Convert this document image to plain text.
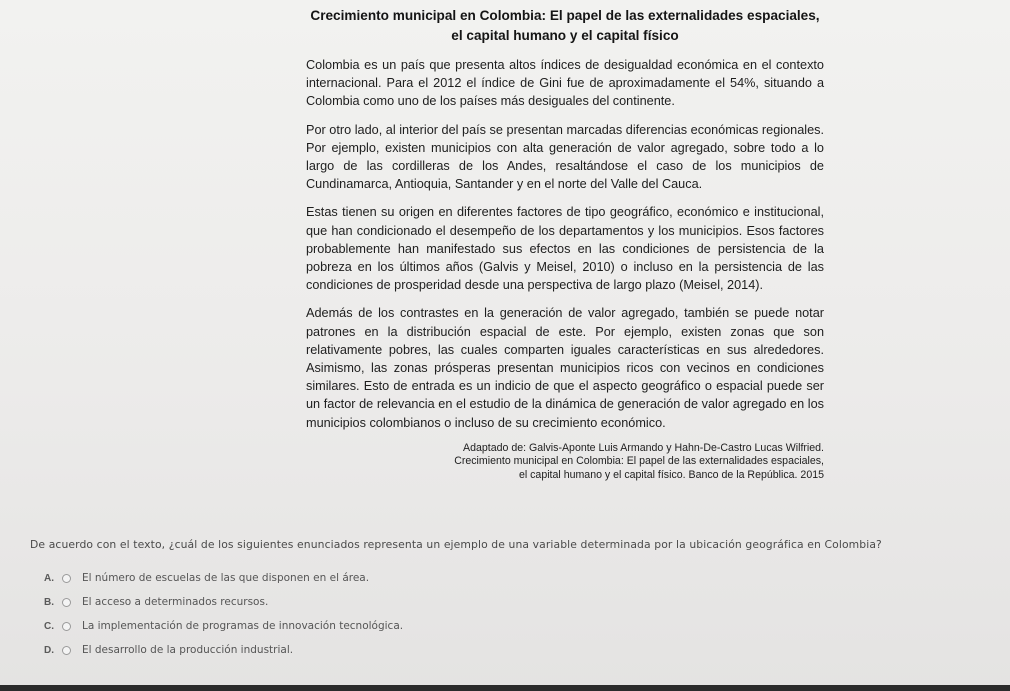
Crecimiento municipal en Colombia: El papel de las externalidades espaciales,
el capital humano y el capital físico

Colombia es un país que presenta altos índices de desigualdad económica en el contexto internacional. Para el 2012 el índice de Gini fue de aproximadamente el 54%, situando a Colombia como uno de los países más desiguales del continente.

Por otro lado, al interior del país se presentan marcadas diferencias económicas regionales. Por ejemplo, existen municipios con alta generación de valor agregado, sobre todo a lo largo de las cordilleras de los Andes, resaltándose el caso de los municipios de Cundinamarca, Antioquia, Santander y en el norte del Valle del Cauca.

Estas tienen su origen en diferentes factores de tipo geográfico, económico e institucional, que han condicionado el desempeño de los departamentos y los municipios. Esos factores probablemente han manifestado sus efectos en las condiciones de persistencia de la pobreza en los últimos años (Galvis y Meisel, 2010) o incluso en la persistencia de las condiciones de prosperidad desde una perspectiva de largo plazo (Meisel, 2014).

Además de los contrastes en la generación de valor agregado, también se puede notar patrones en la distribución espacial de este. Por ejemplo, existen zonas que son relativamente pobres, las cuales comparten iguales características en sus alrededores. Asimismo, las zonas prósperas presentan municipios ricos con vecinos en condiciones similares. Esto de entrada es un indicio de que el aspecto geográfico o espacial puede ser un factor de relevancia en el estudio de la dinámica de generación de valor agregado en los municipios colombianos o incluso de su crecimiento económico.

Adaptado de: Galvis-Aponte Luis Armando y Hahn-De-Castro Lucas Wilfried.
Crecimiento municipal en Colombia: El papel de las externalidades espaciales,
el capital humano y el capital físico. Banco de la República. 2015
De acuerdo con el texto, ¿cuál de los siguientes enunciados representa un ejemplo de una variable determinada por la ubicación geográfica en Colombia?
A.	El número de escuelas de las que disponen en el área.
B.	El acceso a determinados recursos.
C.	La implementación de programas de innovación tecnológica.
D.	El desarrollo de la producción industrial.
